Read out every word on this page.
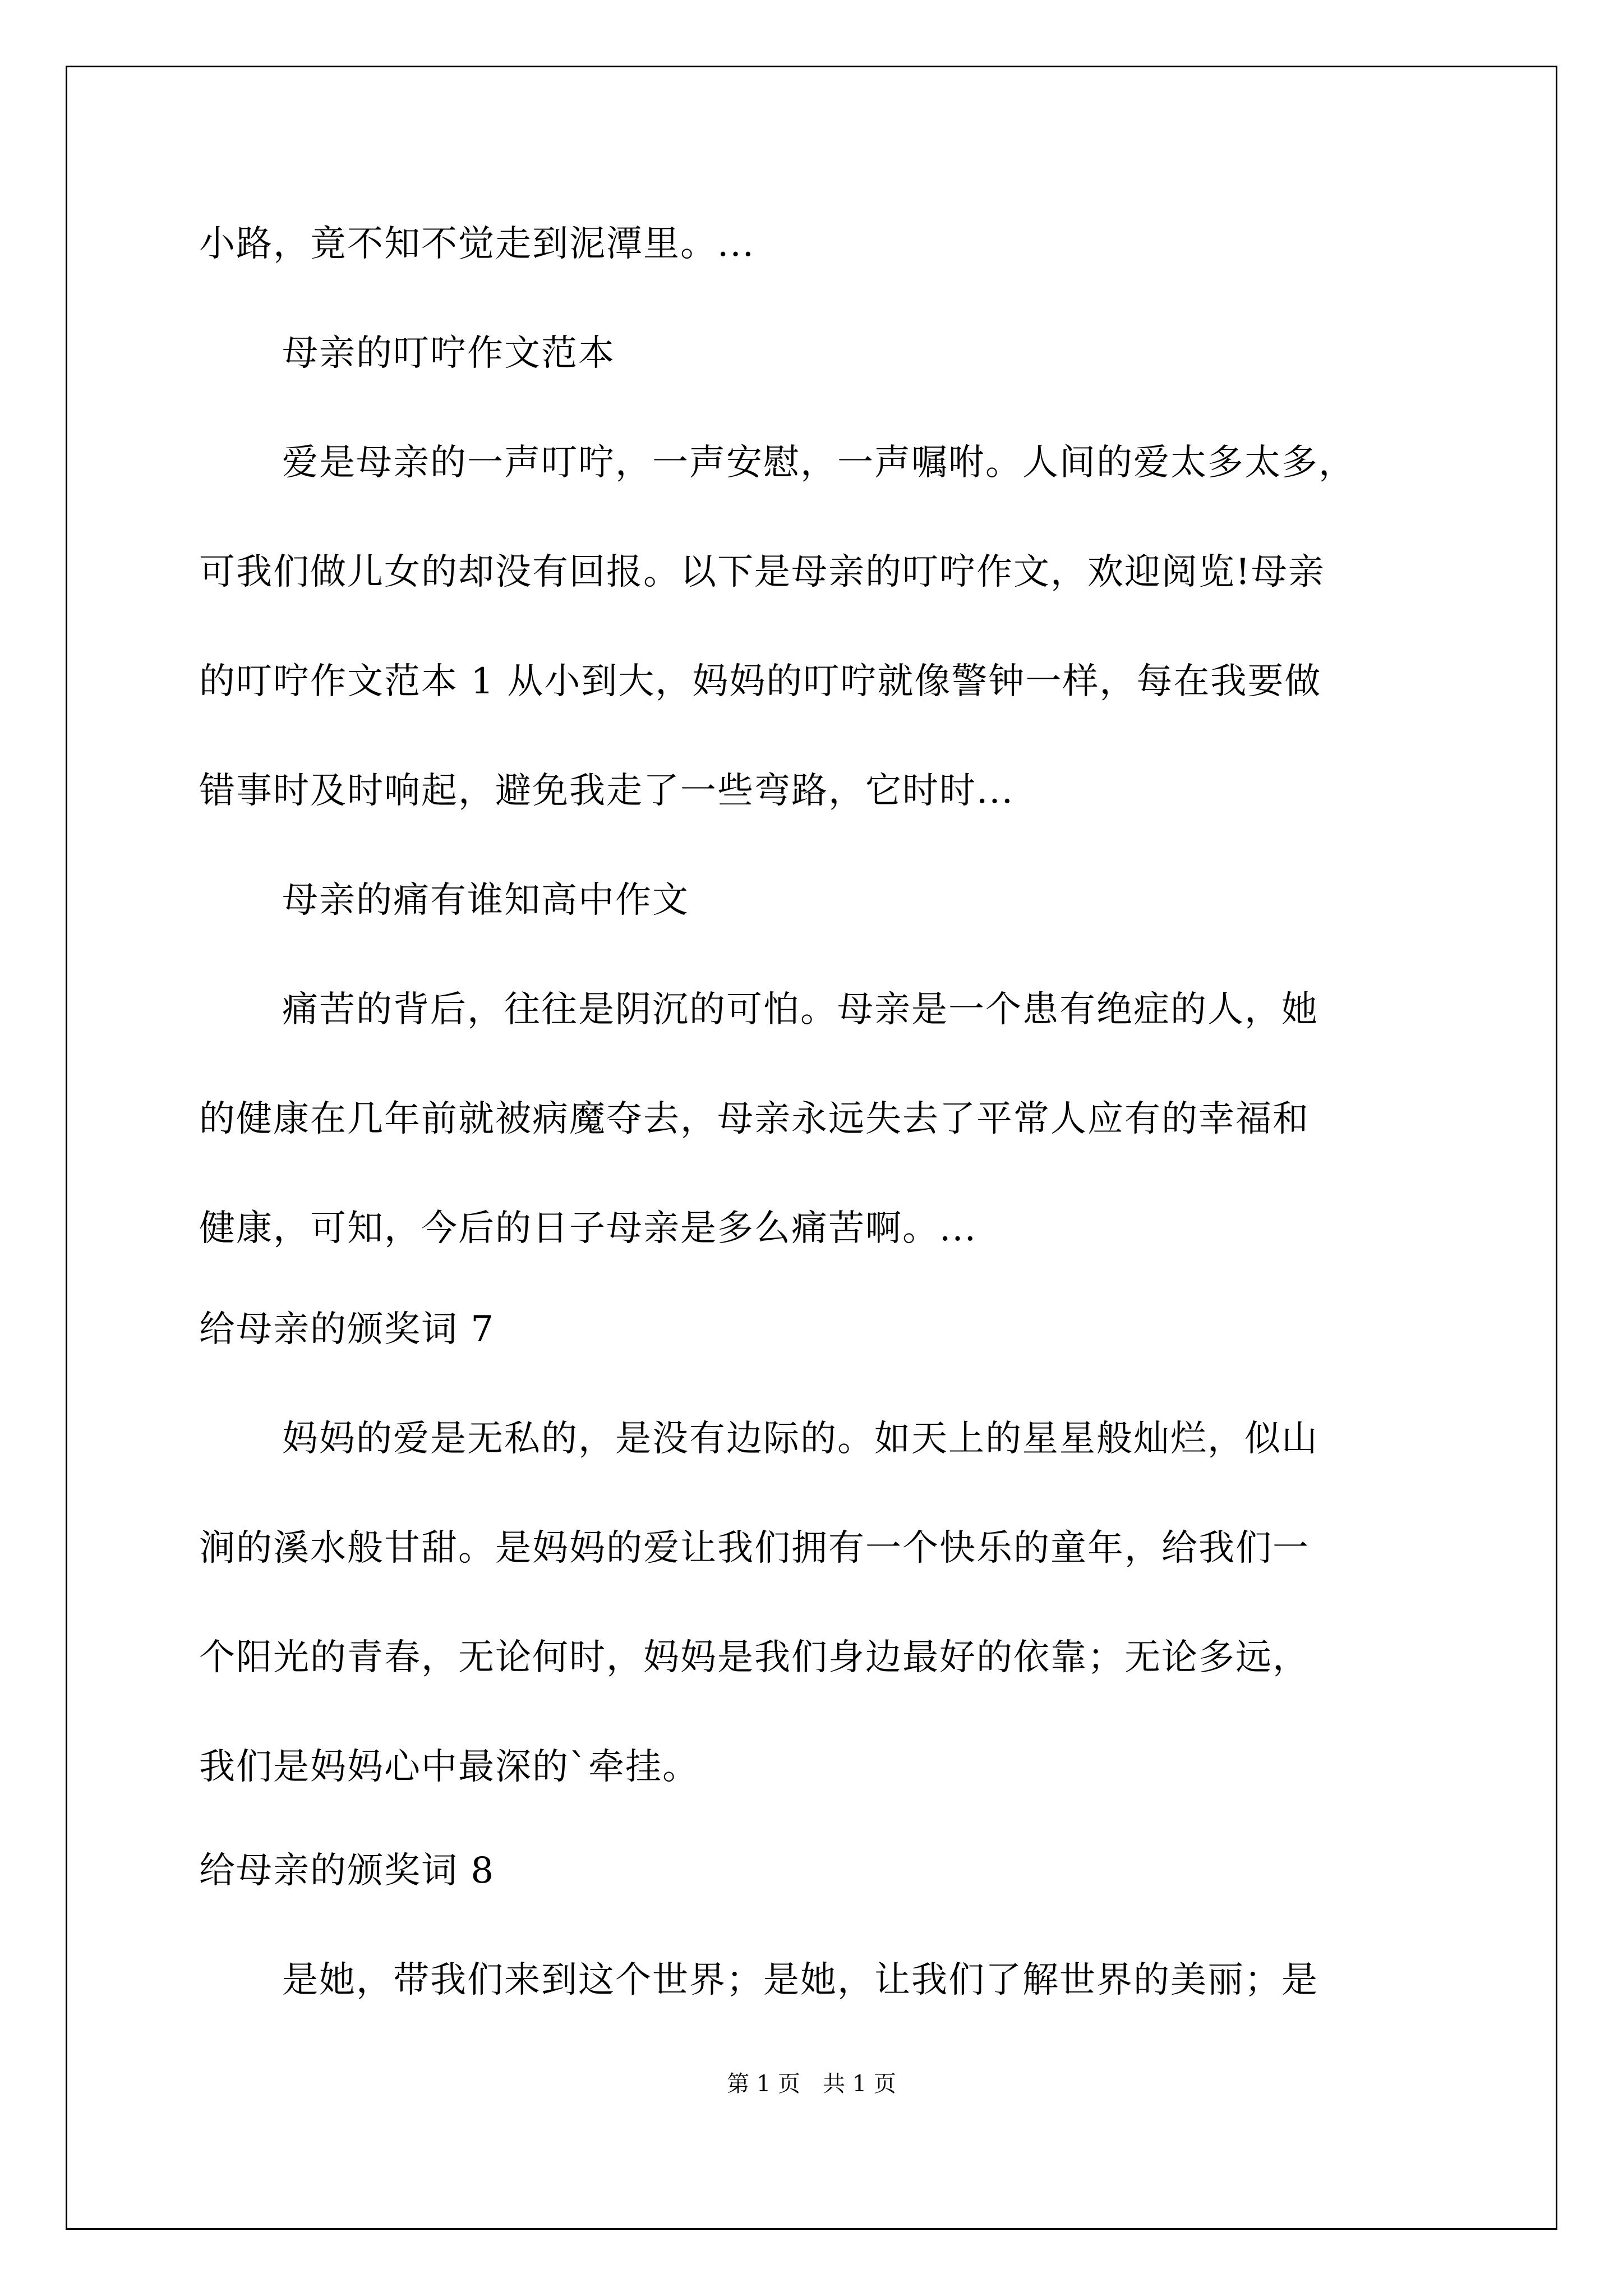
小路，竟不知不觉走到泥潭里。...
母亲的叮咛作文范本
爱是母亲的一声叮咛，一声安慰，一声嘱咐。人间的爱太多太多，
可我们做儿女的却没有回报。以下是母亲的叮咛作文，欢迎阅览!母亲
的叮咛作文范本 1 从小到大，妈妈的叮咛就像警钟一样，每在我要做
错事时及时响起，避免我走了一些弯路，它时时...
母亲的痛有谁知高中作文
痛苦的背后，往往是阴沉的可怕。母亲是一个患有绝症的人，她
的健康在几年前就被病魔夺去，母亲永远失去了平常人应有的幸福和
健康，可知，今后的日子母亲是多么痛苦啊。...
给母亲的颁奖词 7
妈妈的爱是无私的，是没有边际的。如天上的星星般灿烂，似山
涧的溪水般甘甜。是妈妈的爱让我们拥有一个快乐的童年，给我们一
个阳光的青春，无论何时，妈妈是我们身边最好的依靠；无论多远，
我们是妈妈心中最深的`牵挂。
给母亲的颁奖词 8
是她，带我们来到这个世界；是她，让我们了解世界的美丽；是
第 1 页　共 1 页
